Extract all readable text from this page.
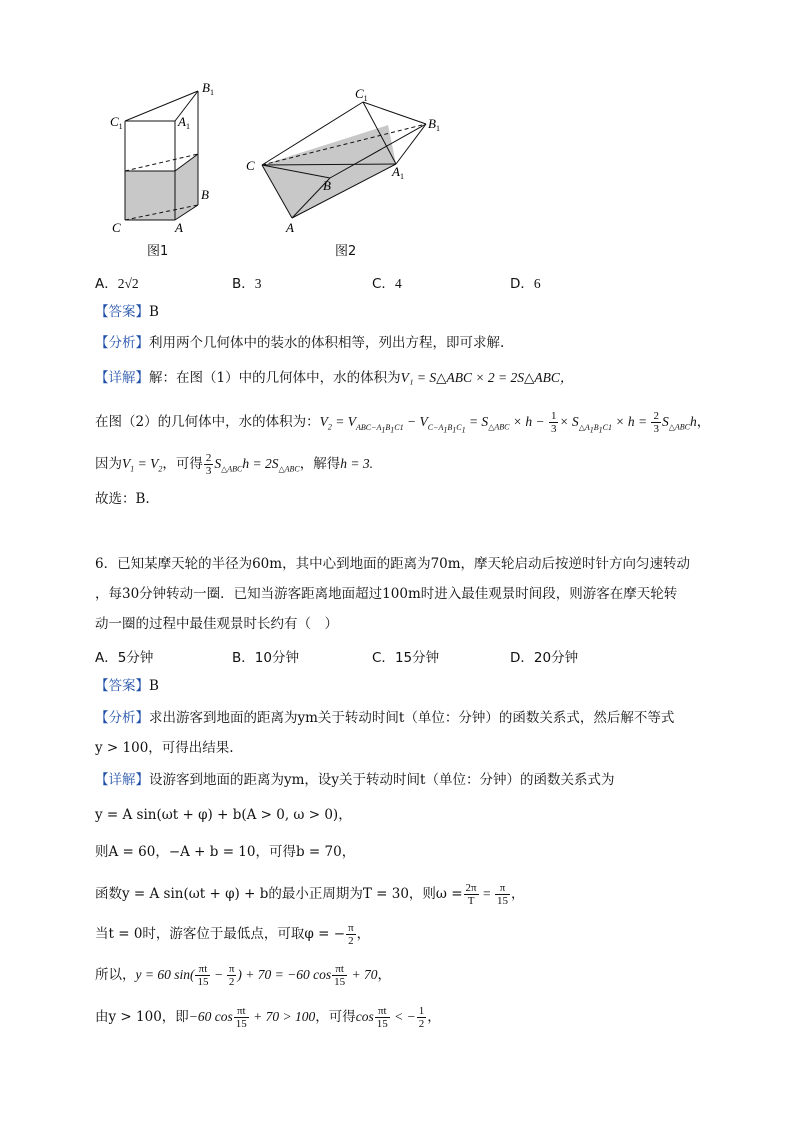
$B_1$
$C_1$	$A_1$
B
C	A
图1
$C_1$
$B_1$
$A_1$
C
B
A
图2
A．2√2	B．3	C．4	D．6
【答案】B
【分析】利用两个几何体中的装水的体积相等，列出方程，即可求解.
【详解】解：在图（1）中的几何体中，水的体积为V₁ = S△ABC × 2 = 2S△ABC，
在图（2）的几何体中，水的体积为：$V_2 = V_{ABC-A_1B_1C1} - V_{C-A_1B_1C_1} = S_{\triangle ABC} \times h - \frac{1}{3} \times S_{\triangle A_1B_1C1} \times h = \frac{2}{3} S_{\triangle ABC}h$，
因为$V_1 = V_2$，可得 $\frac{2}{3} S_{\triangle ABC}h = 2S_{\triangle ABC}$，解得h = 3.
故选：B.
6．已知某摩天轮的半径为60m，其中心到地面的距离为70m，摩天轮启动后按逆时针方向匀速转动
，每30分钟转动一圈．已知当游客距离地面超过100m时进入最佳观景时间段，则游客在摩天轮转
动一圈的过程中最佳观景时长约有（　）
A．5分钟	B．10分钟	C．15分钟	D．20分钟
【答案】B
【分析】求出游客到地面的距离为ym关于转动时间t（单位：分钟）的函数关系式，然后解不等式
y > 100，可得出结果.
【详解】设游客到地面的距离为ym，设y关于转动时间t（单位：分钟）的函数关系式为
y = A sin(ωt + φ) + b(A > 0, ω > 0)，
则A = 60，−A + b = 10，可得b = 70，
函数y = A sin(ωt + φ) + b的最小正周期为T = 30，则$\omega = \frac{2\pi}{T} = \frac{\pi}{15}$ ，
当t = 0时，游客位于最低点，可取φ = − $\frac{\pi}{2}$ ，
所以，y = 60 $\sin( \frac{\pi t}{15} - \frac{\pi}{2}$ ) + 70 = −60 $\cos \frac{\pi t}{15} + 70$，
由y > 100，即−60 $\cos \frac{\pi t}{15} + 70 > 100$，可得$\cos \frac{\pi t}{15}$ < − $\frac{1}{2}$ ，
